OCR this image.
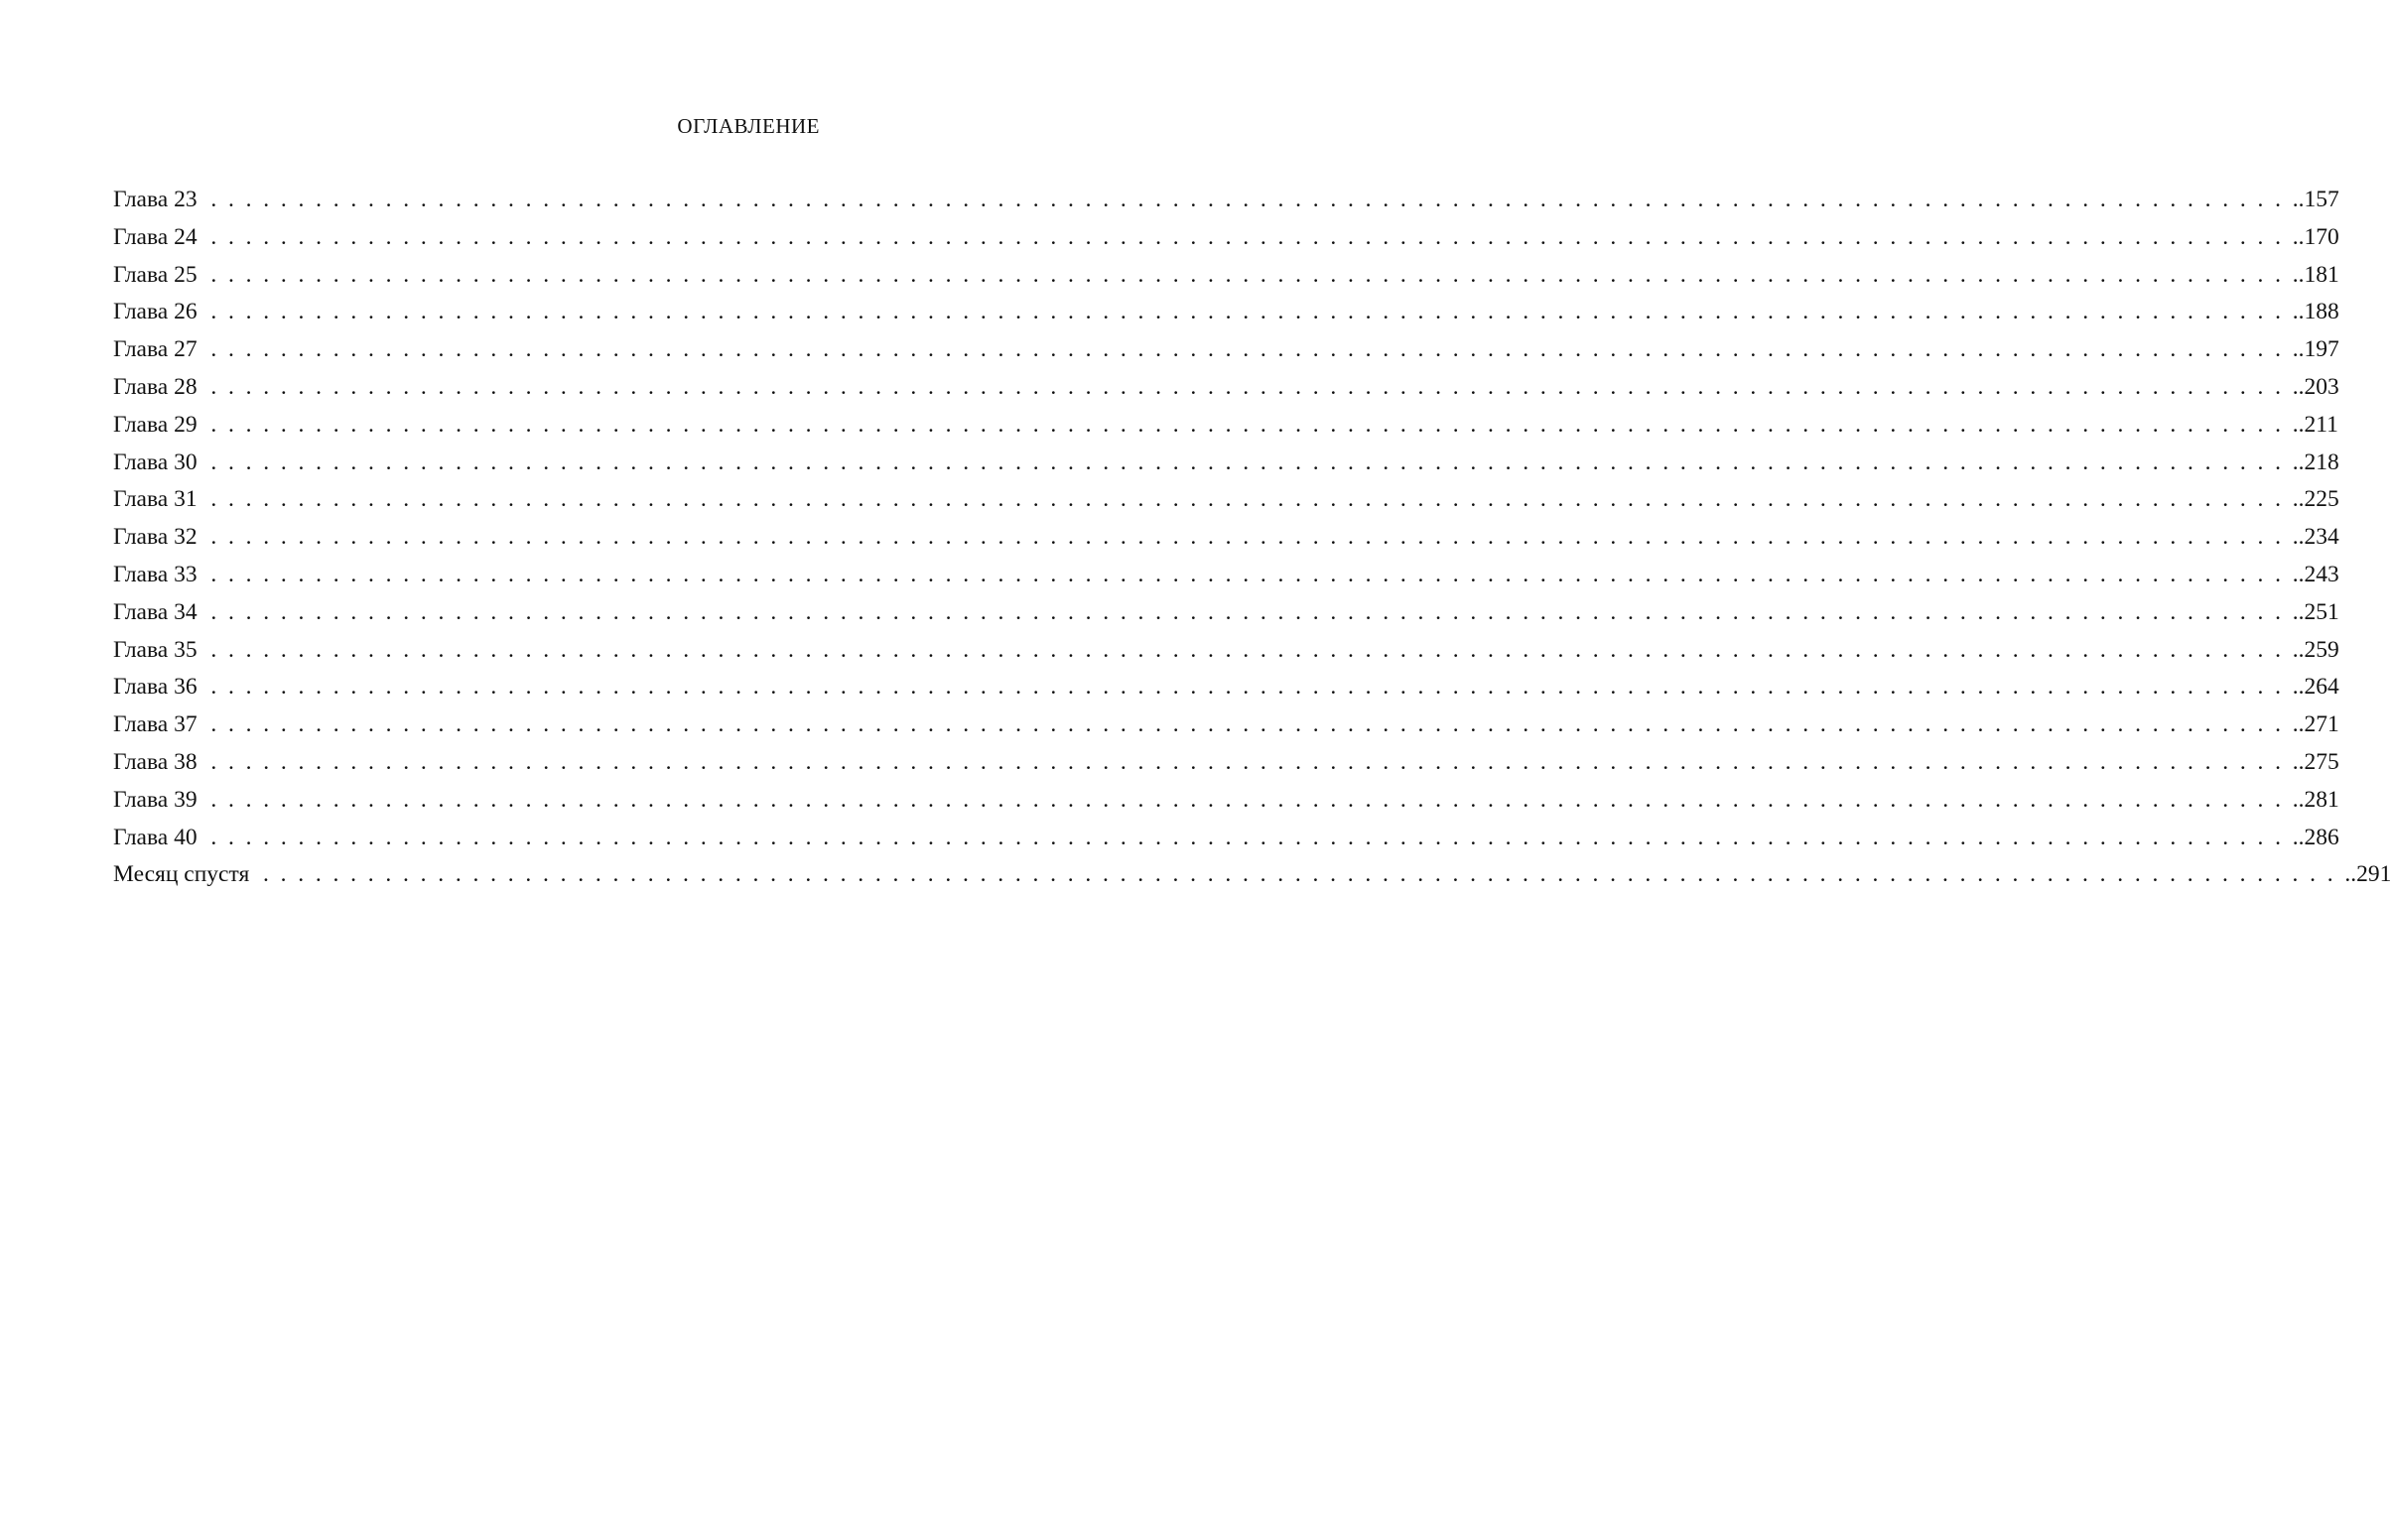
ОГЛАВЛЕНИЕ
Глава 23  . . . . . . . . . . . . . . . . . . . . . . . . . . . . . . . . . . . . . . . . . . . . . . . . . . . . . . . . . . . . . . . . . . . . . . . . . . . . . . . . . . . . . . . . . . . . . . . . . . . . . . . . . . . . . . . . . . . . . . . . .157
Глава 24  . . . . . . . . . . . . . . . . . . . . . . . . . . . . . . . . . . . . . . . . . . . . . . . . . . . . . . . . . . . . . . . . . . . . . . . . . . . . . . . . . . . . . . . . . . . . . . . . . . . . . . . . . . . . . . . . . . . . . . . . .170
Глава 25  . . . . . . . . . . . . . . . . . . . . . . . . . . . . . . . . . . . . . . . . . . . . . . . . . . . . . . . . . . . . . . . . . . . . . . . . . . . . . . . . . . . . . . . . . . . . . . . . . . . . . . . . . . . . . . . . . . . . . . . . .181
Глава 26  . . . . . . . . . . . . . . . . . . . . . . . . . . . . . . . . . . . . . . . . . . . . . . . . . . . . . . . . . . . . . . . . . . . . . . . . . . . . . . . . . . . . . . . . . . . . . . . . . . . . . . . . . . . . . . . . . . . . . . . . .188
Глава 27  . . . . . . . . . . . . . . . . . . . . . . . . . . . . . . . . . . . . . . . . . . . . . . . . . . . . . . . . . . . . . . . . . . . . . . . . . . . . . . . . . . . . . . . . . . . . . . . . . . . . . . . . . . . . . . . . . . . . . . . . .197
Глава 28  . . . . . . . . . . . . . . . . . . . . . . . . . . . . . . . . . . . . . . . . . . . . . . . . . . . . . . . . . . . . . . . . . . . . . . . . . . . . . . . . . . . . . . . . . . . . . . . . . . . . . . . . . . . . . . . . . . . . . . . . .203
Глава 29  . . . . . . . . . . . . . . . . . . . . . . . . . . . . . . . . . . . . . . . . . . . . . . . . . . . . . . . . . . . . . . . . . . . . . . . . . . . . . . . . . . . . . . . . . . . . . . . . . . . . . . . . . . . . . . . . . . . . . . . . .211
Глава 30  . . . . . . . . . . . . . . . . . . . . . . . . . . . . . . . . . . . . . . . . . . . . . . . . . . . . . . . . . . . . . . . . . . . . . . . . . . . . . . . . . . . . . . . . . . . . . . . . . . . . . . . . . . . . . . . . . . . . . . . . .218
Глава 31  . . . . . . . . . . . . . . . . . . . . . . . . . . . . . . . . . . . . . . . . . . . . . . . . . . . . . . . . . . . . . . . . . . . . . . . . . . . . . . . . . . . . . . . . . . . . . . . . . . . . . . . . . . . . . . . . . . . . . . . . .225
Глава 32  . . . . . . . . . . . . . . . . . . . . . . . . . . . . . . . . . . . . . . . . . . . . . . . . . . . . . . . . . . . . . . . . . . . . . . . . . . . . . . . . . . . . . . . . . . . . . . . . . . . . . . . . . . . . . . . . . . . . . . . . .234
Глава 33  . . . . . . . . . . . . . . . . . . . . . . . . . . . . . . . . . . . . . . . . . . . . . . . . . . . . . . . . . . . . . . . . . . . . . . . . . . . . . . . . . . . . . . . . . . . . . . . . . . . . . . . . . . . . . . . . . . . . . . . . .243
Глава 34  . . . . . . . . . . . . . . . . . . . . . . . . . . . . . . . . . . . . . . . . . . . . . . . . . . . . . . . . . . . . . . . . . . . . . . . . . . . . . . . . . . . . . . . . . . . . . . . . . . . . . . . . . . . . . . . . . . . . . . . . .251
Глава 35  . . . . . . . . . . . . . . . . . . . . . . . . . . . . . . . . . . . . . . . . . . . . . . . . . . . . . . . . . . . . . . . . . . . . . . . . . . . . . . . . . . . . . . . . . . . . . . . . . . . . . . . . . . . . . . . . . . . . . . . . .259
Глава 36  . . . . . . . . . . . . . . . . . . . . . . . . . . . . . . . . . . . . . . . . . . . . . . . . . . . . . . . . . . . . . . . . . . . . . . . . . . . . . . . . . . . . . . . . . . . . . . . . . . . . . . . . . . . . . . . . . . . . . . . . .264
Глава 37  . . . . . . . . . . . . . . . . . . . . . . . . . . . . . . . . . . . . . . . . . . . . . . . . . . . . . . . . . . . . . . . . . . . . . . . . . . . . . . . . . . . . . . . . . . . . . . . . . . . . . . . . . . . . . . . . . . . . . . . . .271
Глава 38  . . . . . . . . . . . . . . . . . . . . . . . . . . . . . . . . . . . . . . . . . . . . . . . . . . . . . . . . . . . . . . . . . . . . . . . . . . . . . . . . . . . . . . . . . . . . . . . . . . . . . . . . . . . . . . . . . . . . . . . . .275
Глава 39  . . . . . . . . . . . . . . . . . . . . . . . . . . . . . . . . . . . . . . . . . . . . . . . . . . . . . . . . . . . . . . . . . . . . . . . . . . . . . . . . . . . . . . . . . . . . . . . . . . . . . . . . . . . . . . . . . . . . . . . . .281
Глава 40  . . . . . . . . . . . . . . . . . . . . . . . . . . . . . . . . . . . . . . . . . . . . . . . . . . . . . . . . . . . . . . . . . . . . . . . . . . . . . . . . . . . . . . . . . . . . . . . . . . . . . . . . . . . . . . . . . . . . . . . . .286
Месяц спустя  . . . . . . . . . . . . . . . . . . . . . . . . . . . . . . . . . . . . . . . . . . . . . . . . . . . . . . . . . . . . . . . . . . . . . . . . . . . . . . . . . . . . . . . . . . . . . . . . . . . . . . . . . . . . . . . . . . . . . . . . .291
